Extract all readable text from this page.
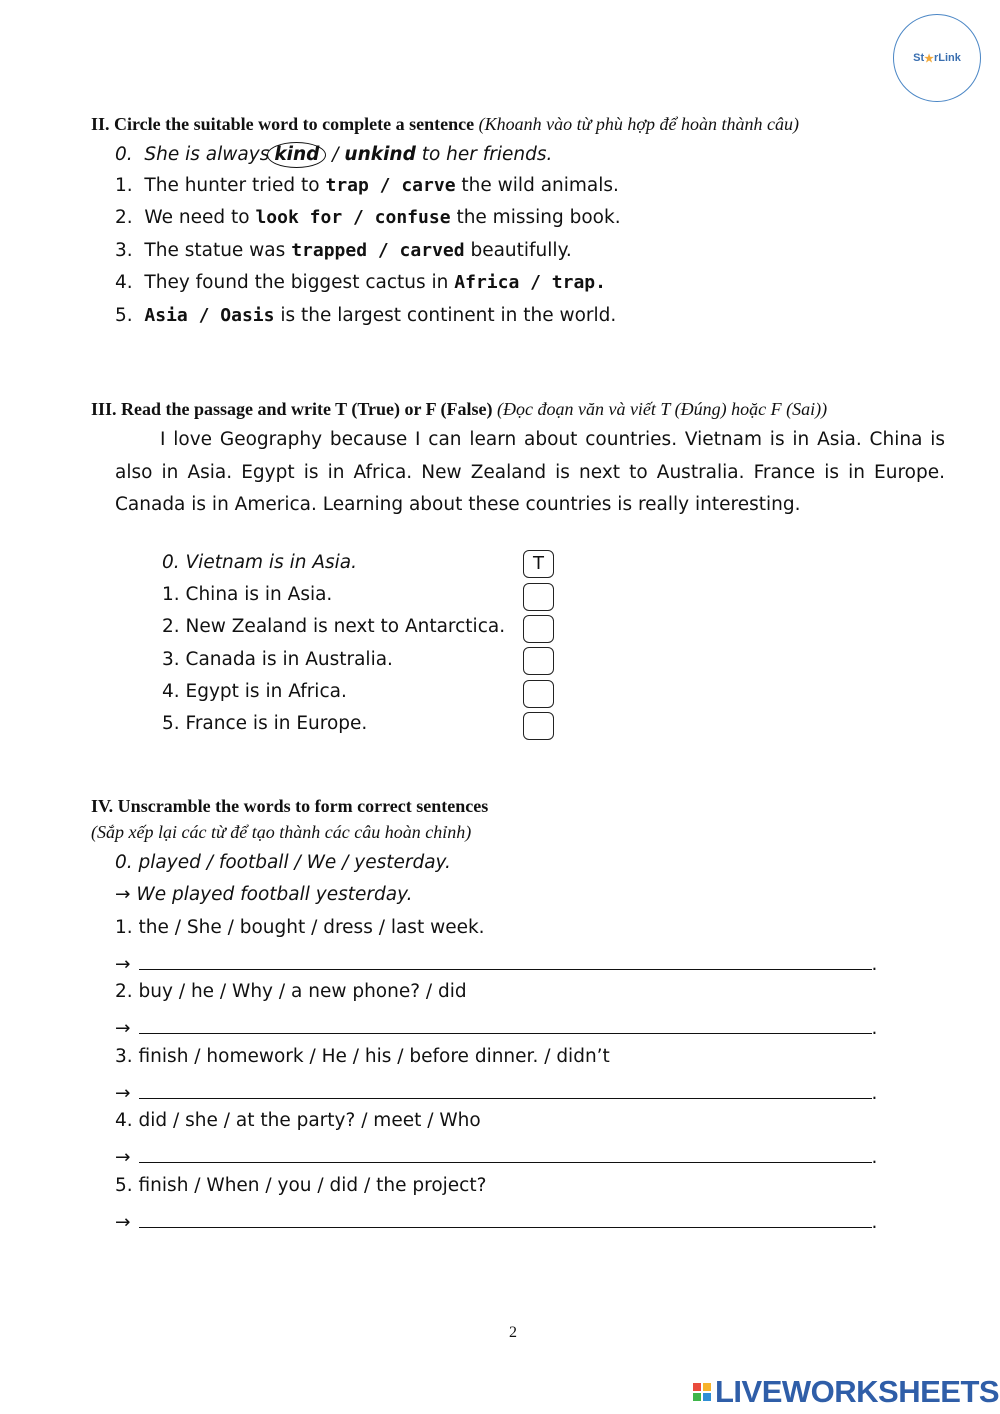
St ★ rLink
II. Circle the suitable word to complete a sentence (Khoanh vào từ phù hợp để hoàn thành câu)
0. She is always kind / unkind to her friends.
1. The hunter tried to trap / carve the wild animals.
2. We need to look for / confuse the missing book.
3. The statue was trapped / carved beautifully.
4. They found the biggest cactus in Africa / trap.
5. Asia / Oasis is the largest continent in the world.
III. Read the passage and write T (True) or F (False) (Đọc đoạn văn và viết T (Đúng) hoặc F (Sai))
I love Geography because I can learn about countries. Vietnam is in Asia. China is also in Asia. Egypt is in Africa. New Zealand is next to Australia. France is in Europe. Canada is in America. Learning about these countries is really interesting.
0. Vietnam is in Asia.	T
1. China is in Asia.
2. New Zealand is next to Antarctica.
3. Canada is in Australia.
4. Egypt is in Africa.
5. France is in Europe.
IV. Unscramble the words to form correct sentences
(Sắp xếp lại các từ để tạo thành các câu hoàn chỉnh)
0. played / football / We / yesterday.
→ We played football yesterday.
1. the / She / bought / dress / last week.
→	.
2. buy / he / Why / a new phone? / did
→	.
3. finish / homework / He / his / before dinner. / didn’t
→	.
4. did / she / at the party? / meet / Who
→	.
5. finish / When / you / did / the project?
→	.
2
LIVEWORKSHEETS
